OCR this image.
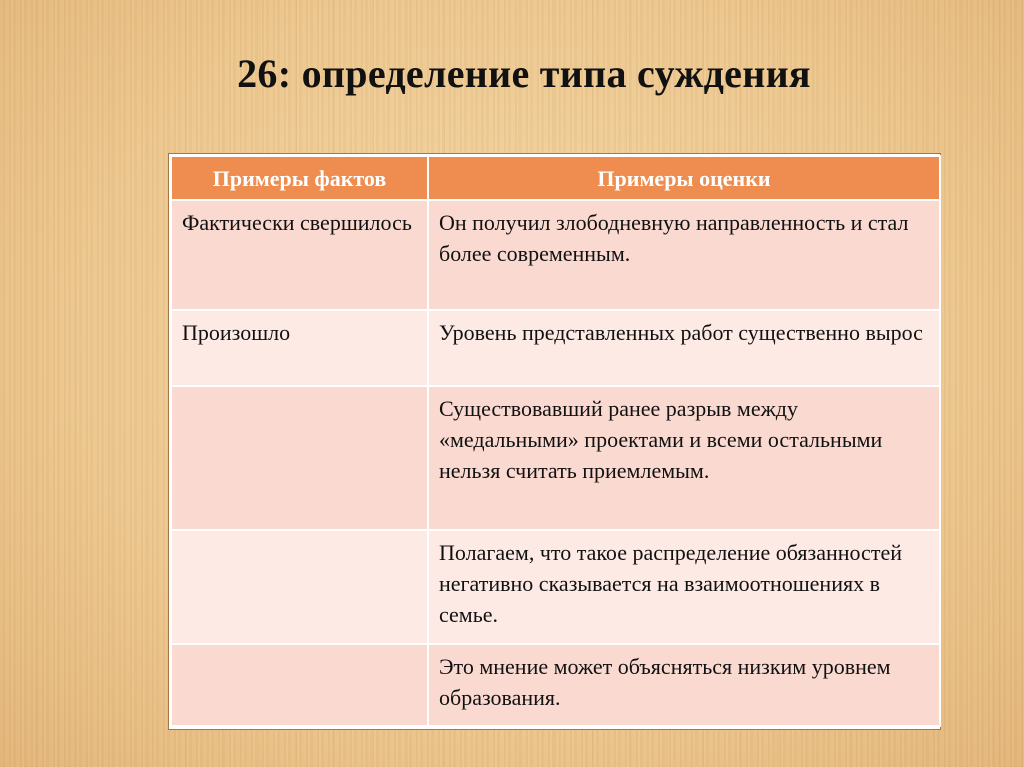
26: определение типа суждения
Примеры фактов	Примеры оценки
Фактически свершилось	Он получил злободневную направленность и стал более современным.
Произошло	Уровень представленных работ существенно вырос
	Существовавший ранее разрыв между «медальными» проектами и всеми остальными нельзя считать приемлемым.
	Полагаем, что такое распределение обязанностей негативно сказывается на взаимоотношениях в семье.
	Это мнение может объясняться низким уровнем образования.
